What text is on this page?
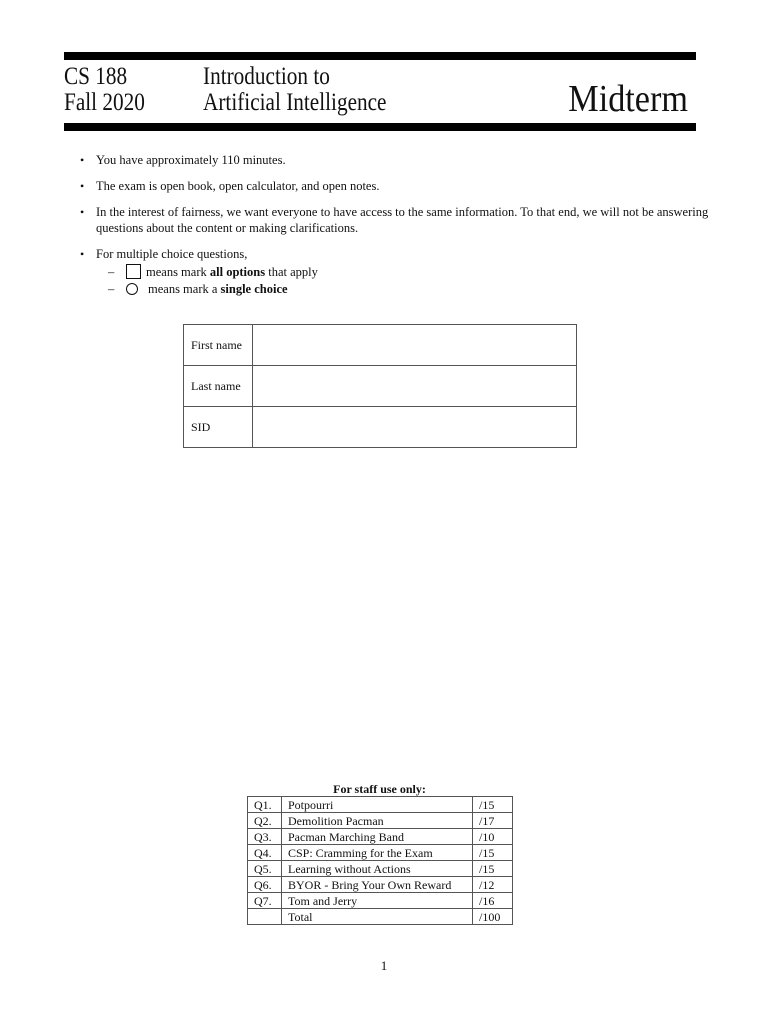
CS 188
Fall 2020
Introduction to
Artificial Intelligence	Midterm
• You have approximately 110 minutes.
• The exam is open book, open calculator, and open notes.
• In the interest of fairness, we want everyone to have access to the same information. To that end, we will not be answering
questions about the content or making clarifications.
• For multiple choice questions,
–	means mark all options that apply
–	means mark a single choice
First name	
Last name	
SID	
For staff use only:
Q1.	Potpourri	/15
Q2.	Demolition Pacman	/17
Q3.	Pacman Marching Band	/10
Q4.	CSP: Cramming for the Exam	/15
Q5.	Learning without Actions	/15
Q6.	BYOR - Bring Your Own Reward	/12
Q7.	Tom and Jerry	/16
	Total	/100
1
